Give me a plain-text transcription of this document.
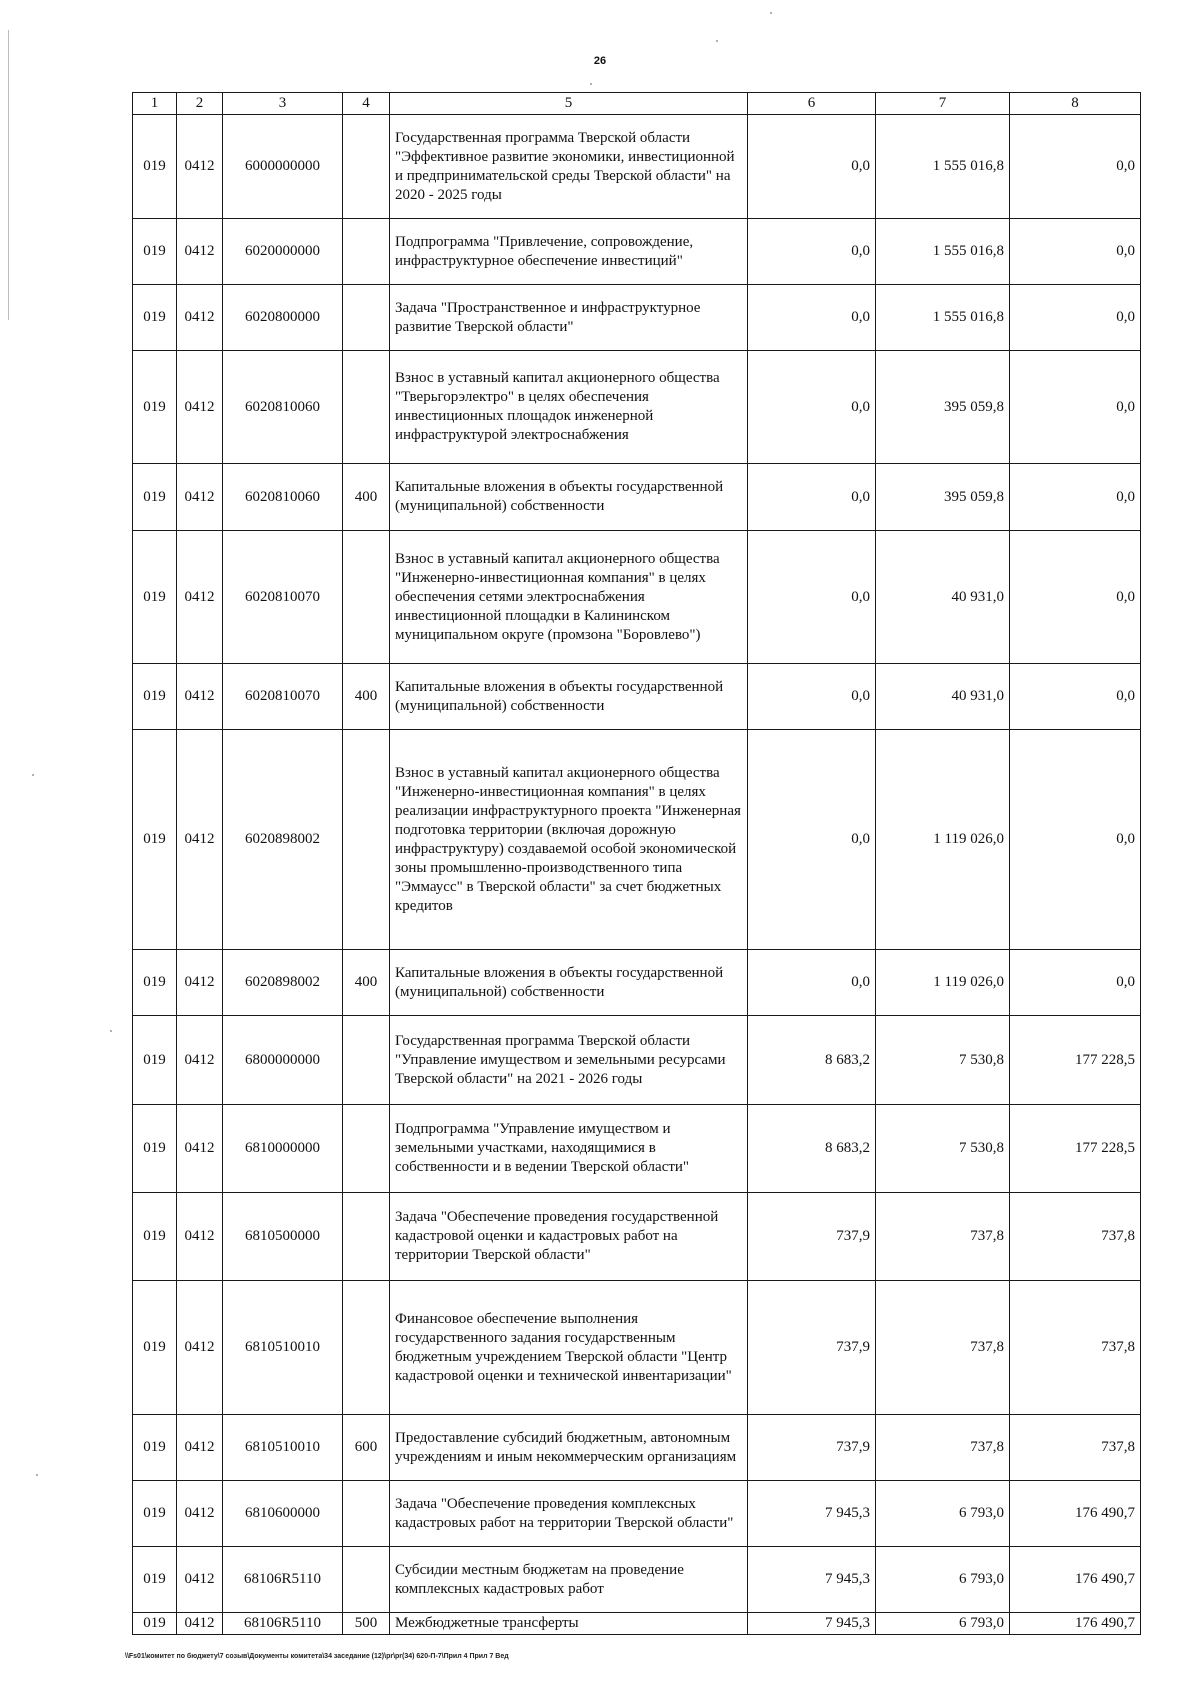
26
1	2	3	4	5	6	7	8
019	0412	6000000000		Государственная программа Тверской области "Эффективное развитие экономики, инвестиционной и предпринимательской среды Тверской области" на 2020 - 2025 годы	0,0	1 555 016,8	0,0
019	0412	6020000000		Подпрограмма "Привлечение, сопровождение, инфраструктурное обеспечение инвестиций"	0,0	1 555 016,8	0,0
019	0412	6020800000		Задача "Пространственное и инфраструктурное развитие Тверской области"	0,0	1 555 016,8	0,0
019	0412	6020810060		Взнос в уставный капитал акционерного общества "Тверьгорэлектро" в целях обеспечения инвестиционных площадок инженерной инфраструктурой электроснабжения	0,0	395 059,8	0,0
019	0412	6020810060	400	Капитальные вложения в объекты государственной (муниципальной) собственности	0,0	395 059,8	0,0
019	0412	6020810070		Взнос в уставный капитал акционерного общества "Инженерно-инвестиционная компания" в целях обеспечения сетями электроснабжения инвестиционной площадки в Калининском муниципальном округе (промзона "Боровлево")	0,0	40 931,0	0,0
019	0412	6020810070	400	Капитальные вложения в объекты государственной (муниципальной) собственности	0,0	40 931,0	0,0
019	0412	6020898002		Взнос в уставный капитал акционерного общества "Инженерно-инвестиционная компания" в целях реализации инфраструктурного проекта "Инженерная подготовка территории (включая дорожную инфраструктуру) создаваемой особой экономической зоны промышленно-производственного типа "Эммаусс" в Тверской области" за счет бюджетных кредитов	0,0	1 119 026,0	0,0
019	0412	6020898002	400	Капитальные вложения в объекты государственной (муниципальной) собственности	0,0	1 119 026,0	0,0
019	0412	6800000000		Государственная программа Тверской области "Управление имуществом и земельными ресурсами Тверской области" на 2021 - 2026 годы	8 683,2	7 530,8	177 228,5
019	0412	6810000000		Подпрограмма "Управление имуществом и земельными участками, находящимися в собственности и в ведении Тверской области"	8 683,2	7 530,8	177 228,5
019	0412	6810500000		Задача "Обеспечение проведения государственной кадастровой оценки и кадастровых работ на территории Тверской области"	737,9	737,8	737,8
019	0412	6810510010		Финансовое обеспечение выполнения государственного задания государственным бюджетным учреждением Тверской области "Центр кадастровой оценки и технической инвентаризации"	737,9	737,8	737,8
019	0412	6810510010	600	Предоставление субсидий бюджетным, автономным учреждениям и иным некоммерческим организациям	737,9	737,8	737,8
019	0412	6810600000		Задача "Обеспечение проведения комплексных кадастровых работ на территории Тверской области"	7 945,3	6 793,0	176 490,7
019	0412	68106R5110		Субсидии местным бюджетам на проведение комплексных кадастровых работ	7 945,3	6 793,0	176 490,7
019	0412	68106R5110	500	Межбюджетные трансферты	7 945,3	6 793,0	176 490,7
\\Fs01\комитет по бюджету\7 созыв\Документы комитета\34 заседание (12)\pr\pr(34) 620-П-7\Прил 4 Прил 7 Вед
